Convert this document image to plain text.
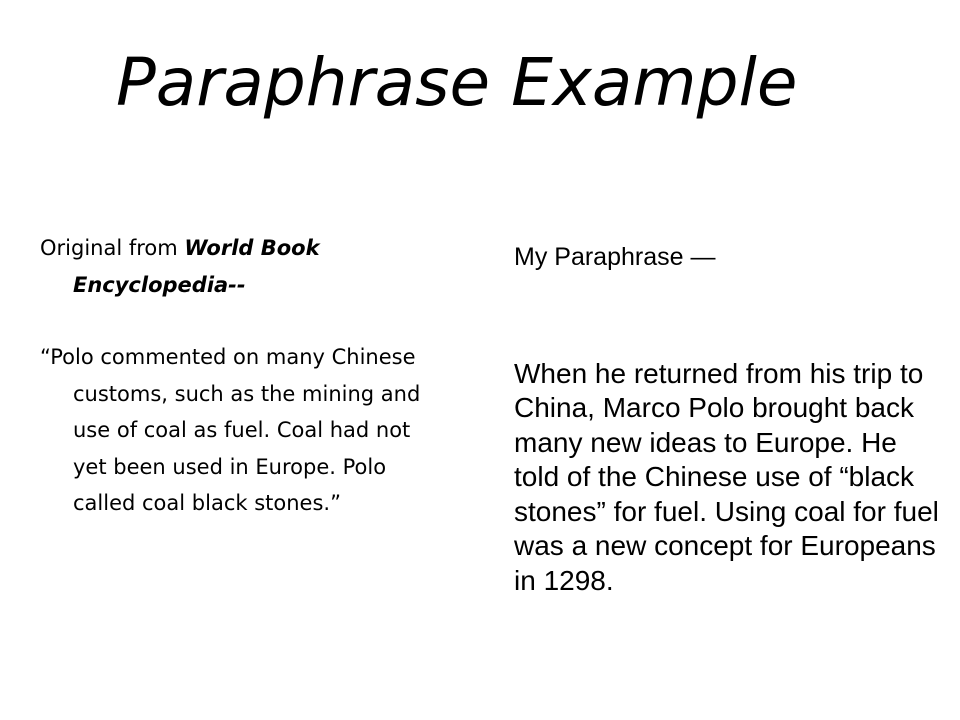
Paraphrase Example

Original from World Book Encyclopedia--

“Polo commented on many Chinese customs, such as the mining and use of coal as fuel. Coal had not yet been used in Europe. Polo called coal black stones.”

My Paraphrase —

When he returned from his trip to China, Marco Polo brought back many new ideas to Europe. He told of the Chinese use of “black stones” for fuel. Using coal for fuel was a new concept for Europeans in 1298.
